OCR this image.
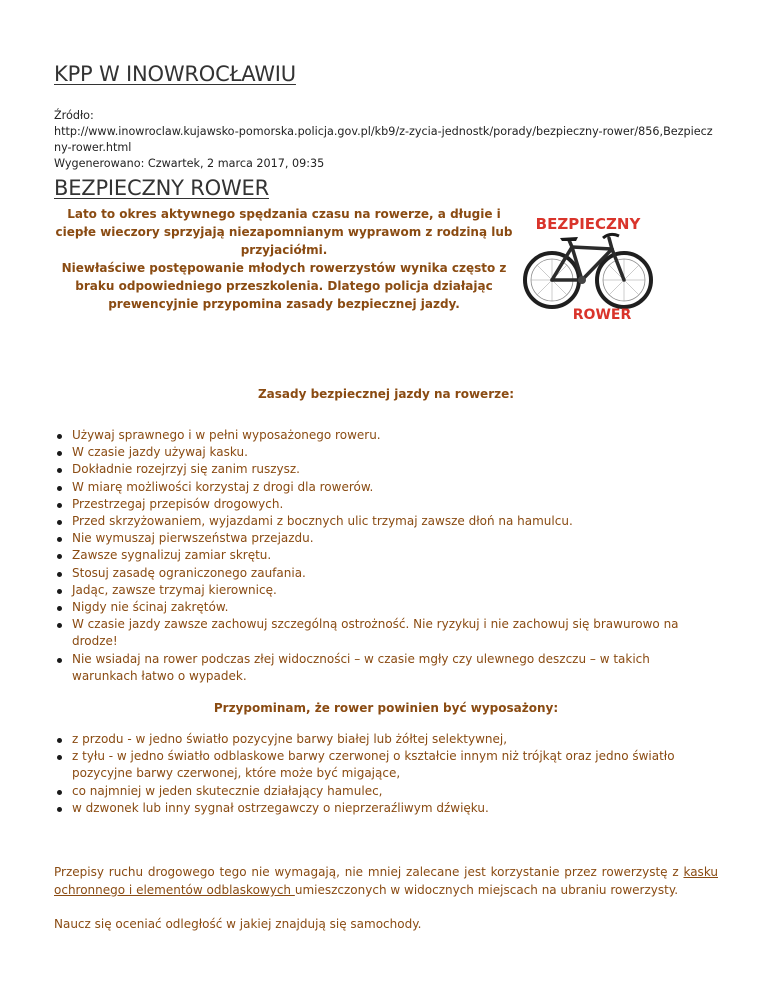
KPP W INOWROCŁAWIU
Źródło:
http://www.inowroclaw.kujawsko-pomorska.policja.gov.pl/kb9/z-zycia-jednostk/porady/bezpieczny-rower/856,Bezpieczny-rower.html
Wygenerowano: Czwartek, 2 marca 2017, 09:35
BEZPIECZNY ROWER
Lato to okres aktywnego spędzania czasu na rowerze, a długie i ciepłe wieczory sprzyjają niezapomnianym wyprawom z rodziną lub przyjaciółmi.
Niewłaściwe postępowanie młodych rowerzystów wynika często z braku odpowiedniego przeszkolenia. Dlatego policja działając prewencyjnie przypomina zasady bezpiecznej jazdy.
BEZPIECZNY
ROWER
Zasady bezpiecznej jazdy na rowerze:
Używaj sprawnego i w pełni wyposażonego roweru.
W czasie jazdy używaj kasku.
Dokładnie rozejrzyj się zanim ruszysz.
W miarę możliwości korzystaj z drogi dla rowerów.
Przestrzegaj przepisów drogowych.
Przed skrzyżowaniem, wyjazdami z bocznych ulic trzymaj zawsze dłoń na hamulcu.
Nie wymuszaj pierwszeństwa przejazdu.
Zawsze sygnalizuj zamiar skrętu.
Stosuj zasadę ograniczonego zaufania.
Jadąc, zawsze trzymaj kierownicę.
Nigdy nie ścinaj zakrętów.
W czasie jazdy zawsze zachowuj szczególną ostrożność. Nie ryzykuj i nie zachowuj się brawurowo na drodze!
Nie wsiadaj na rower podczas złej widoczności – w czasie mgły czy ulewnego deszczu – w takich warunkach łatwo o wypadek.
Przypominam, że rower powinien być wyposażony:
z przodu - w jedno światło pozycyjne barwy białej lub żółtej selektywnej,
z tyłu - w jedno światło odblaskowe barwy czerwonej o kształcie innym niż trójkąt oraz jedno światło pozycyjne barwy czerwonej, które może być migające,
co najmniej w jeden skutecznie działający hamulec,
w dzwonek lub inny sygnał ostrzegawczy o nieprzeraźliwym dźwięku.

Przepisy ruchu drogowego tego nie wymagają, nie mniej zalecane jest korzystanie przez rowerzystę z kasku ochronnego i elementów odblaskowych umieszczonych w widocznych miejscach na ubraniu rowerzysty.

Naucz się oceniać odległość w jakiej znajdują się samochody.
